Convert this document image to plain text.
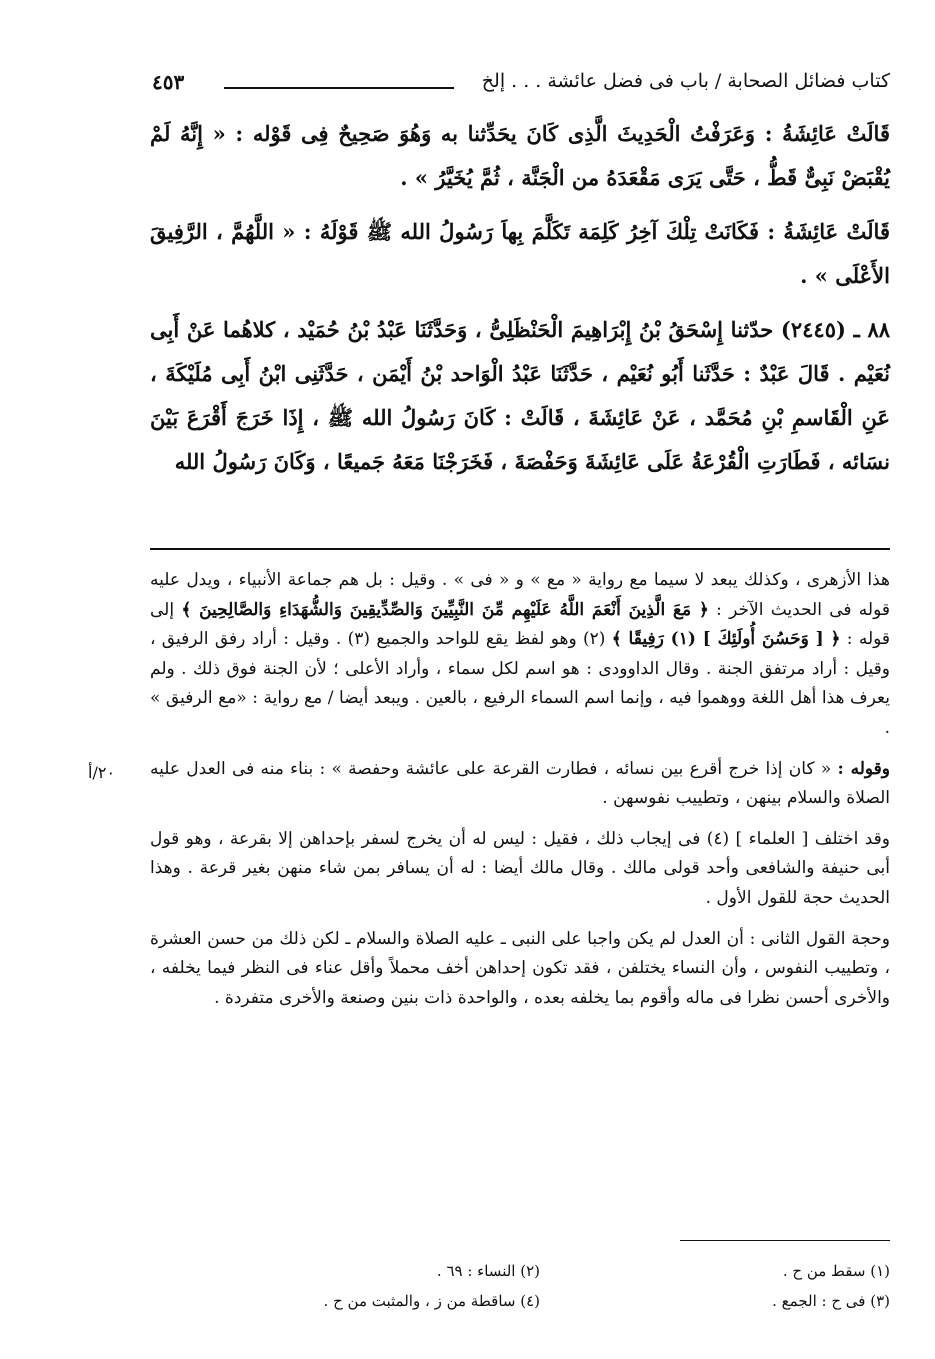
كتاب فضائل الصحابة / باب فى فضل عائشة . . . إلخ
٤٥٣

قَالَتْ عَائِشَةُ : وَعَرَفْتُ الْحَدِيثَ الَّذِى كَانَ يحَدِّثنا به وَهُوَ صَحِيحٌ فِى قَوْله : « إِنَّهُ لَمْ يُقْبَضْ نَبِىٌّ قَطُّ ، حَتَّى يَرَى مَقْعَدَهُ من الْجَنَّة ، ثُمَّ يُخَيَّرُ » .

قَالَتْ عَائِشَةُ : فَكَانَتْ تِلْكَ آخِرُ كَلِمَة تَكَلَّمَ بِهاَ رَسُولُ الله ﷺ قَوْلَهُ : « اللَّهُمَّ ، الرَّفِيقَ الأَعْلَى » .

٨٨ ـ (٢٤٤٥) حدّثنا إِسْحَقُ بْنُ إِبْرَاهِيمَ الْحَنْظَلِىُّ ، وَحَدَّثَنَا عَبْدُ بْنُ حُمَيْد ، كلاهُما عَنْ أَبِى نُعَيْم . قَالَ عَبْدٌ : حَدَّثَنا أَبُو نُعَيْم ، حَدَّثَنَا عَبْدُ الْوَاحد بْنُ أَيْمَن ، حَدَّثَنِى ابْنُ أَبِى مُلَيْكَةَ ، عَنِ الْقَاسمِ بْنِ مُحَمَّد ، عَنْ عَائِشَةَ ، قَالَتْ : كَانَ رَسُولُ الله ﷺ ، إِذَا خَرَجَ أَقْرَعَ بَيْنَ نسَائه ، فَطَارَتِ الْقُرْعَةُ عَلَى عَائِشَةَ وَحَفْصَةَ ، فَخَرَجْنَا مَعَهُ جَميعًا ، وَكَانَ رَسُولُ الله

هذا الأزهرى ، وكذلك يبعد لا سيما مع رواية « مع » و « فى » . وقيل : بل هم جماعة الأنبياء ، ويدل عليه قوله فى الحديث الآخر : ﴿ مَعَ الَّذِينَ أَنْعَمَ اللَّهُ عَلَيْهِم مِّنَ النَّبِيِّينَ وَالصِّدِّيقِينَ وَالشُّهَدَاءِ وَالصَّالِحِينَ ﴾ إلى قوله : ﴿ [ وَحَسُنَ أُولَئِكَ ] (١) رَفِيقًا ﴾ (٢) وهو لفظ يقع للواحد والجميع (٣) . وقيل : أراد رفق الرفيق ، وقيل : أراد مرتفق الجنة . وقال الداوودى : هو اسم لكل سماء ، وأراد الأعلى ؛ لأن الجنة فوق ذلك . ولم يعرف هذا أهل اللغة ووهموا فيه ، وإنما اسم السماء الرفيع ، بالعين . ويبعد أيضا / مع رواية : «مع الرفيق » .

وقوله : « كان إذا خرج أقرع بين نسائه ، فطارت القرعة على عائشة وحفصة » : بناء منه فى العدل عليه الصلاة والسلام بينهن ، وتطييب نفوسهن .

وقد اختلف [ العلماء ] (٤) فى إيجاب ذلك ، فقيل : ليس له أن يخرج لسفر بإحداهن إلا بقرعة ، وهو قول أبى حنيفة والشافعى وأحد قولى مالك . وقال مالك أيضا : له أن يسافر بمن شاء منهن بغير قرعة . وهذا الحديث حجة للقول الأول .

وحجة القول الثانى : أن العدل لم يكن واجبا على النبى ـ عليه الصلاة والسلام ـ لكن ذلك من حسن العشرة ، وتطييب النفوس ، وأن النساء يختلفن ، فقد تكون إحداهن أخف محملاً وأقل عناء فى النظر فيما يخلفه ، والأخرى أحسن نظرا فى ماله وأقوم بما يخلفه بعده ، والواحدة ذات بنين وصنعة والأخرى متفردة .

٢٠/أ
(١) سقط من ح .
(٢) النساء : ٦٩ .
(٣) فى ح : الجمع .
(٤) ساقطة من ز ، والمثبت من ح .
